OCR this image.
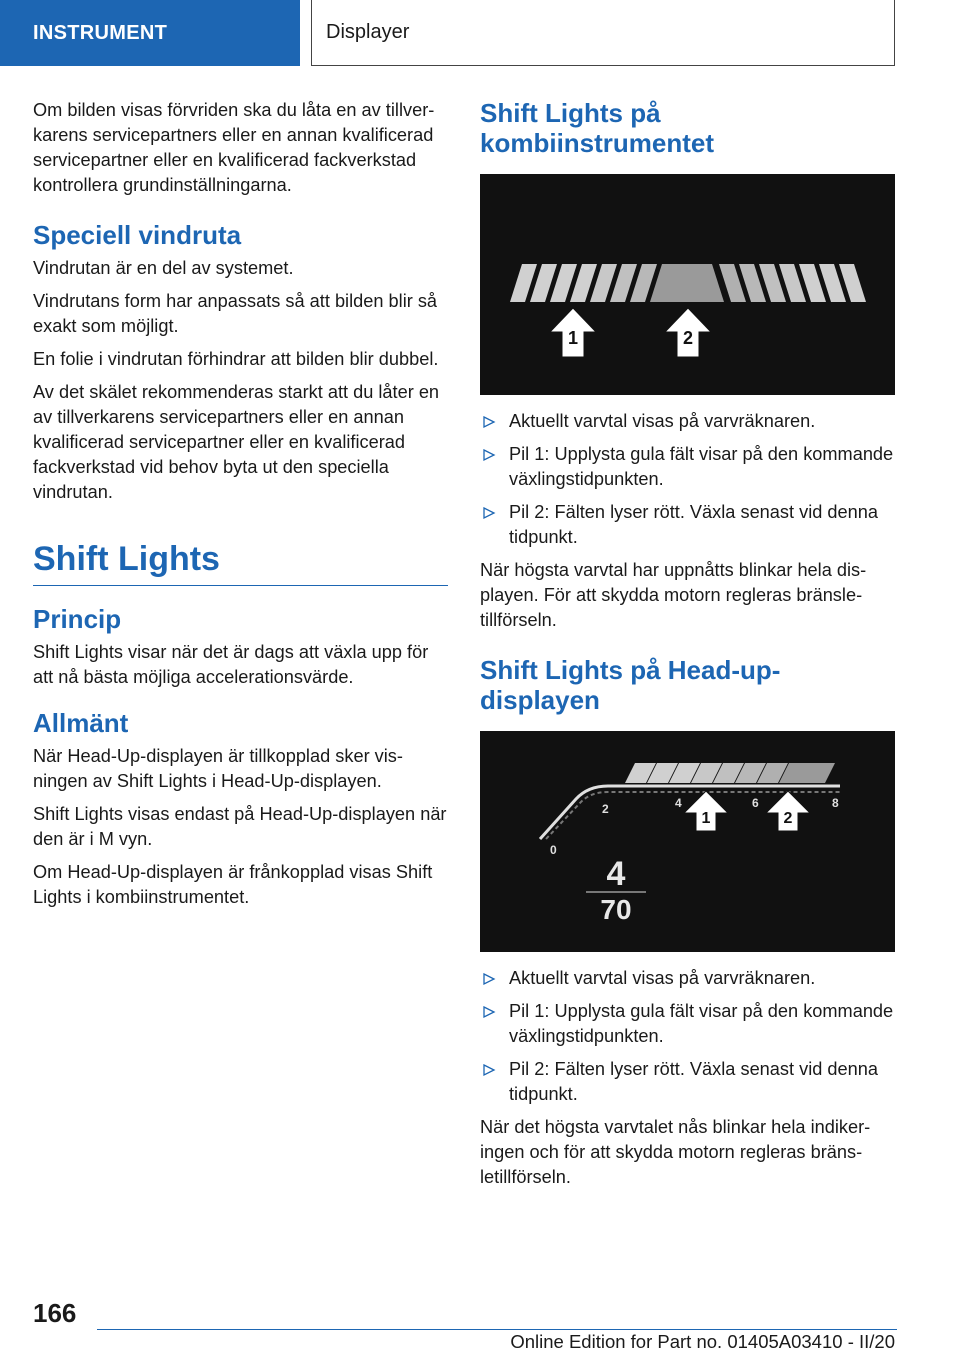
INSTRUMENT	Displayer

Om bilden visas förvriden ska du låta en av tillverkarens servicepartners eller en annan kvalificerad servicepartner eller en kvalificerad fackverkstad kontrollera grundinställningarna.

Speciell vindruta

Vindrutan är en del av systemet.

Vindrutans form har anpassats så att bilden blir så exakt som möjligt.

En folie i vindrutan förhindrar att bilden blir dubbel.

Av det skälet rekommenderas starkt att du låter en av tillverkarens servicepartners eller en annan kvalificerad servicepartner eller en kvalificerad fackverkstad vid behov byta ut den speciella vindrutan.

Shift Lights
Princip

Shift Lights visar när det är dags att växla upp för att nå bästa möjliga accelerationsvärde.

Allmänt

När Head-Up-displayen är tillkopplad sker visningen av Shift Lights i Head-Up-displayen.

Shift Lights visas endast på Head-Up-displayen när den är i M vyn.

Om Head-Up-displayen är frånkopplad visas Shift Lights i kombiinstrumentet.

Shift Lights på kombiinstrumentet
1	2
Aktuellt varvtal visas på varvräknaren.
Pil 1: Upplysta gula fält visar på den kommande växlingstidpunkten.
Pil 2: Fälten lyser rött. Växla senast vid denna tidpunkt.

När högsta varvtal har uppnåtts blinkar hela displayen. För att skydda motorn regleras bränsletillförseln.

Shift Lights på Head-up-displayen
0
2	4	6	8
1	2
4
70
Aktuellt varvtal visas på varvräknaren.
Pil 1: Upplysta gula fält visar på den kommande växlingstidpunkten.
Pil 2: Fälten lyser rött. Växla senast vid denna tidpunkt.

När det högsta varvtalet nås blinkar hela indikeringen och för att skydda motorn regleras bränsletillförseln.

166
Online Edition for Part no. 01405A03410 - II/20
